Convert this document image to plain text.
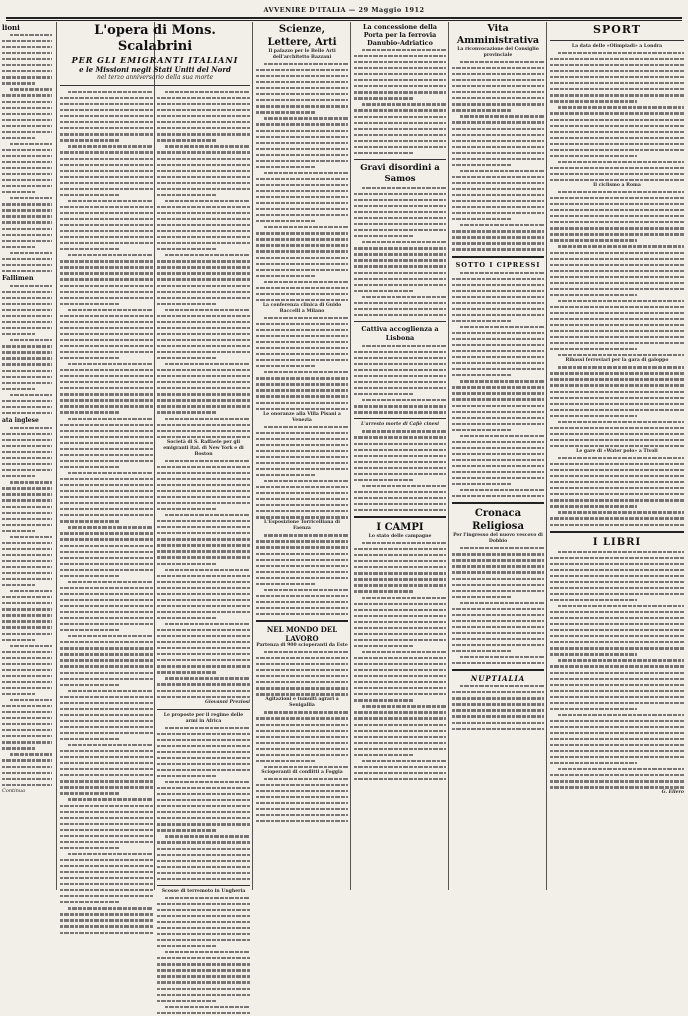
AVVENIRE D'ITALIA — 29 Maggio 1912
lioni
Fallimen
ata inglese
Continua
L'opera di Mons. Scalabrini
PER GLI EMIGRANTI ITALIANI
e le Missioni negli Stati Uniti del Nord
nel terzo anniversario della sua morte
Società di S. Raffaele per gli emigranti ital. di New York e di Boston
Giovanni Preziosi
Le proposte per il regime delle armi in Africa
Scosse di terremoto in Ungheria
Scienze, Lettere, Arti
Il palazzo per le Belle Arti dell'architetto Bazzani
La conferenza clinica di Guido Baccelli a Milano
Le onoranze alla Villa Pisani a Venezia
L'Esposizione Torricelliana di Faenza
NEL MONDO DEL LAVORO
Partenza di 900 scioperanti da Este
Agitazioni e tumulti agrari a Senigallia
Scioperanti di conflitti a Foggia
La concessione della Porta per la ferrovia Danubio-Adriatico
Gravi disordini a Samos
Cattiva accoglienza a Lisbona
L'arresto morte di Cafiè cinesi
I CAMPI
Lo stato delle campagne
Vita Amministrativa
La riconvocazione del Consiglio provinciale
SOTTO I CIPRESSI
Cronaca Religiosa
Per l'ingresso del nuovo vescovo di Dobbio
NUPTIALIA
SPORT
La data delle «Olimpiadi» a Londra
Il ciclismo a Roma
Ribassi ferroviari per la gara di galoppo
Le gare di «Water polo» a Tivoli
I LIBRI
G. Ellero
